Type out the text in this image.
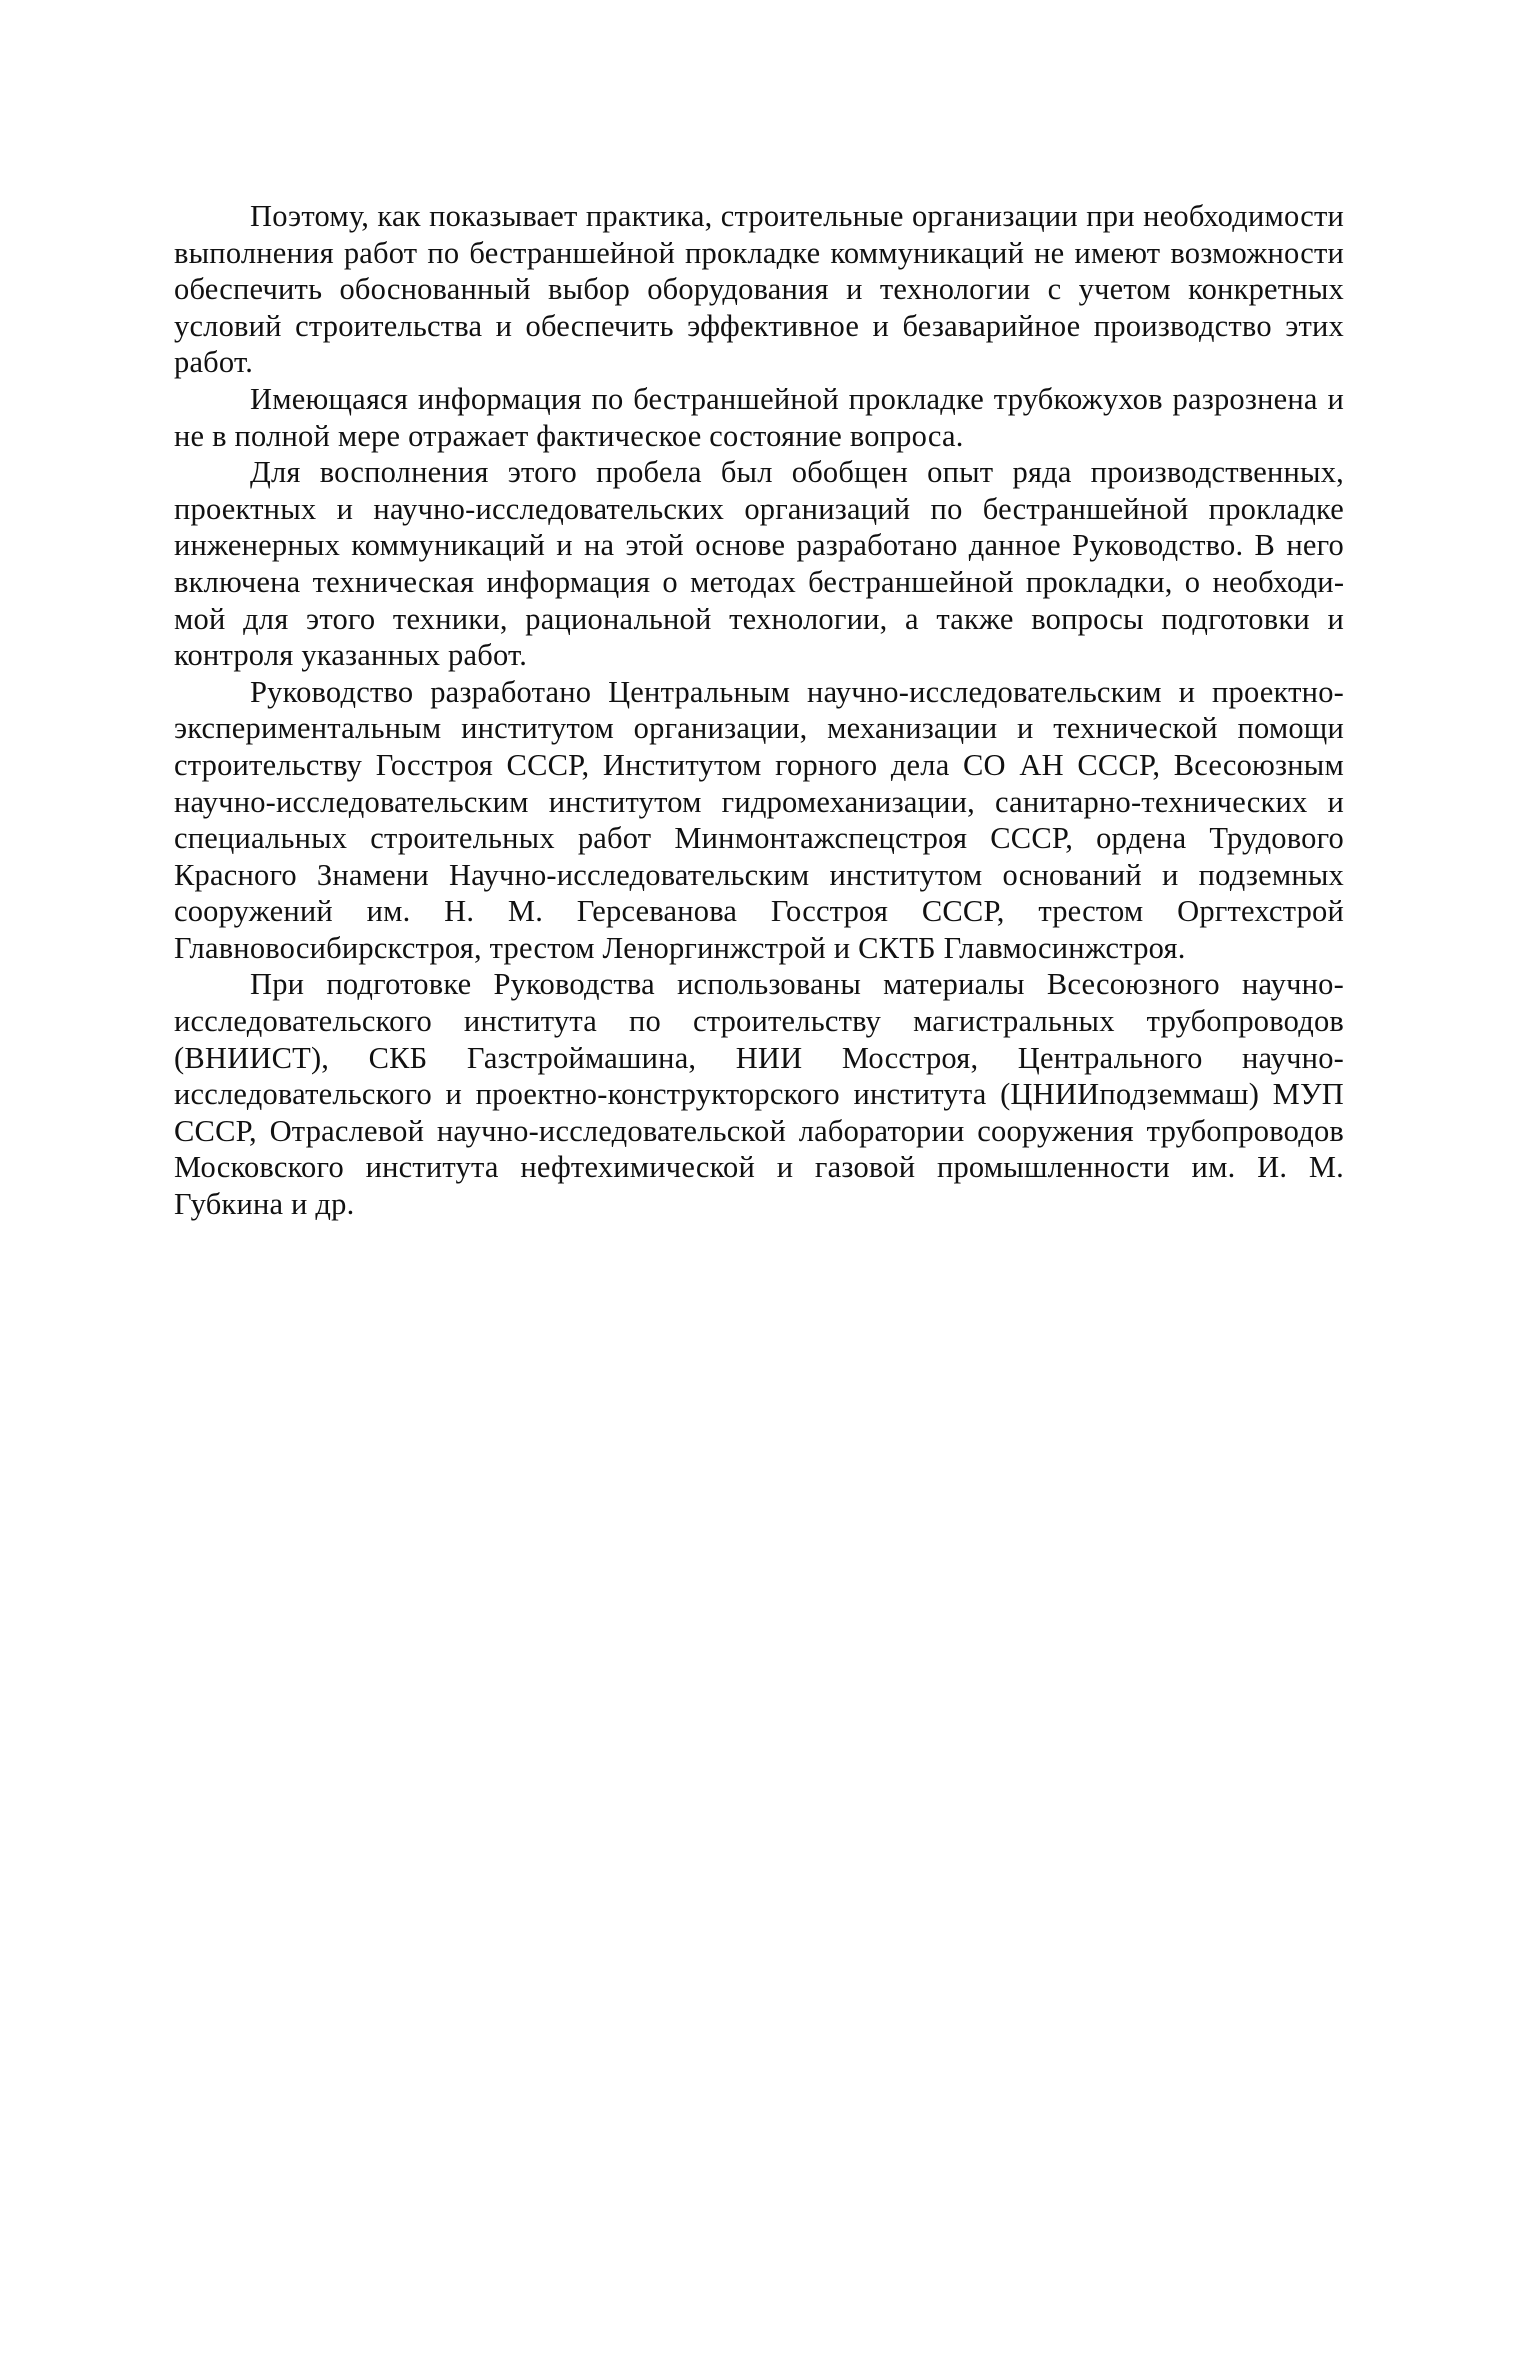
Поэтому, как показывает практика, строительные организации при необходимости выполнения работ по бестраншейной прокладке коммуникаций не имеют возможности обеспечить обоснованный выбор оборудования и технологии с учетом конкретных условий строительства и обеспечить эффективное и безаварийное производство этих работ.

Имеющаяся информация по бестраншейной прокладке трубкожухов разрознена и не в полной мере отражает фактическое состояние вопроса.

Для восполнения этого пробела был обобщен опыт ряда производственных, проектных и научно-исследовательских организаций по бестраншейной прокладке инженерных коммуникаций и на этой основе разработано данное Руководство. В него включена техническая информация о методах бестраншейной прокладки, о необходимой для этого техники, рациональной технологии, а также вопросы подготовки и контроля указанных работ.

Руководство разработано Центральным научно-исследовательским и проектно-экспериментальным институтом организации, механизации и технической помощи строительству Госстроя СССР, Институтом горного дела СО АН СССР, Всесоюзным научно-исследовательским институтом гидромеханизации, санитарно-технических и специальных строительных работ Минмонтажспецстроя СССР, ордена Трудового Красного Знамени Научно-исследовательским институтом оснований и подземных сооружений им. Н. М. Герсеванова Госстроя СССР, трестом Оргтехстрой Главновосибирскстроя, трестом Леноргинжстрой и СКТБ Главмосинжстроя.

При подготовке Руководства использованы материалы Всесоюзного научно-исследовательского института по строительству магистральных трубопроводов (ВНИИСТ), СКБ Газстроймашина, НИИ Мосстроя, Центрального научно-исследовательского и проектно-конструкторского института (ЦНИИподземмаш) МУП СССР, Отраслевой научно-исследовательской лаборатории сооружения трубопроводов Московского института нефтехимической и газовой промышленности им. И. М. Губкина и др.
